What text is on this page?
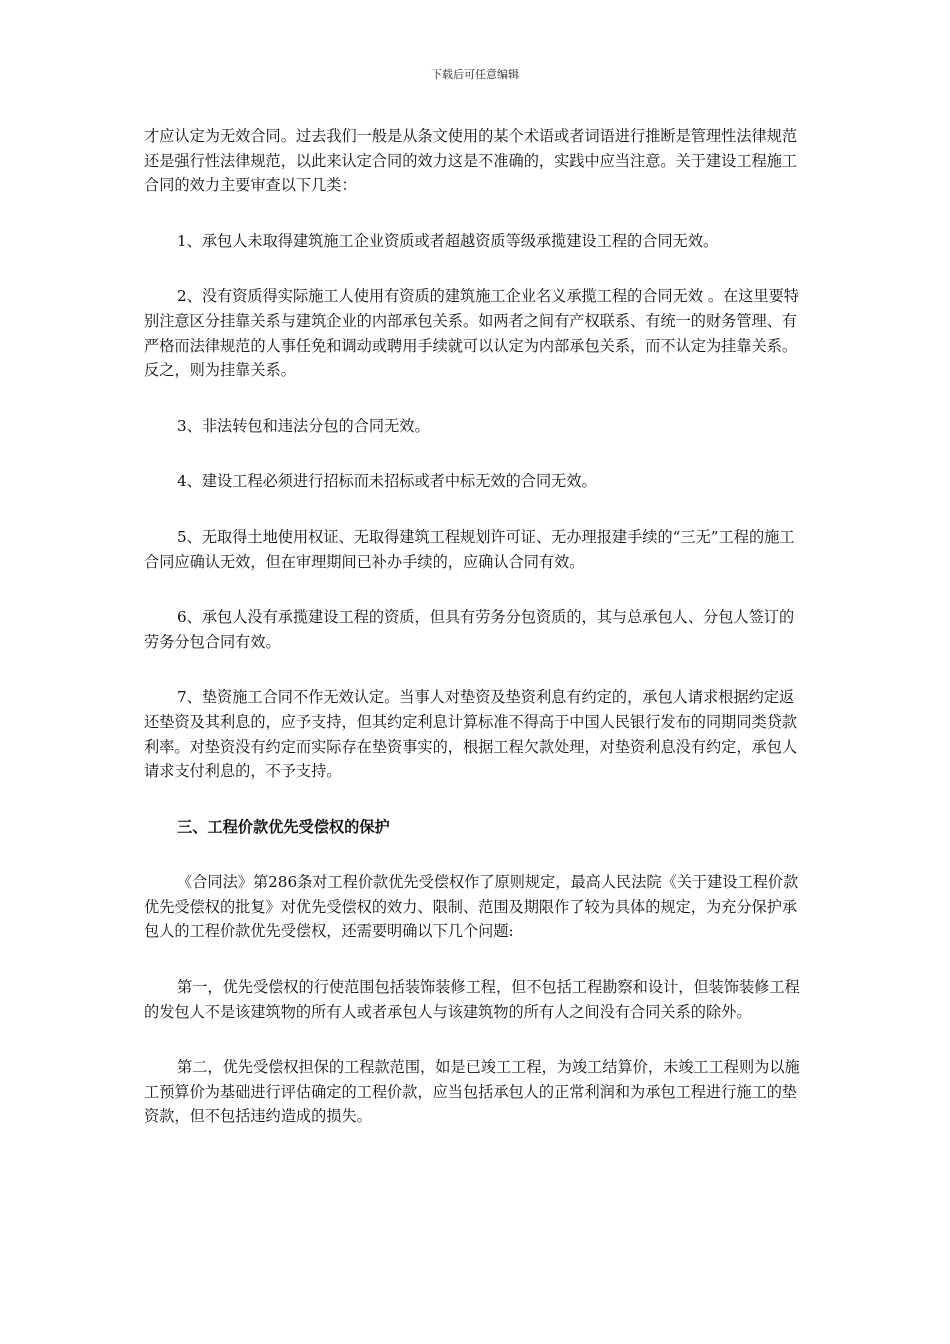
下载后可任意编辑

才应认定为无效合同。过去我们一般是从条文使用的某个术语或者词语进行推断是管理性法律规范还是强行性法律规范，以此来认定合同的效力这是不准确的，实践中应当注意。关于建设工程施工合同的效力主要审查以下几类：

1、承包人未取得建筑施工企业资质或者超越资质等级承揽建设工程的合同无效。

2、没有资质得实际施工人使用有资质的建筑施工企业名义承揽工程的合同无效 。在这里要特别注意区分挂靠关系与建筑企业的内部承包关系。如两者之间有产权联系、有统一的财务管理、有严格而法律规范的人事任免和调动或聘用手续就可以认定为内部承包关系，而不认定为挂靠关系。反之，则为挂靠关系。

3、非法转包和违法分包的合同无效。

4、建设工程必须进行招标而未招标或者中标无效的合同无效。

5、无取得土地使用权证、无取得建筑工程规划许可证、无办理报建手续的“三无”工程的施工合同应确认无效，但在审理期间已补办手续的，应确认合同有效。

6、承包人没有承揽建设工程的资质，但具有劳务分包资质的，其与总承包人、分包人签订的劳务分包合同有效。

7、垫资施工合同不作无效认定。当事人对垫资及垫资利息有约定的，承包人请求根据约定返还垫资及其利息的，应予支持，但其约定利息计算标准不得高于中国人民银行发布的同期同类贷款利率。对垫资没有约定而实际存在垫资事实的，根据工程欠款处理，对垫资利息没有约定，承包人请求支付利息的，不予支持。

三、工程价款优先受偿权的保护

《合同法》第286条对工程价款优先受偿权作了原则规定，最高人民法院《关于建设工程价款优先受偿权的批复》对优先受偿权的效力、限制、范围及期限作了较为具体的规定，为充分保护承包人的工程价款优先受偿权，还需要明确以下几个问题:

第一，优先受偿权的行使范围包括装饰装修工程，但不包括工程勘察和设计，但装饰装修工程的发包人不是该建筑物的所有人或者承包人与该建筑物的所有人之间没有合同关系的除外。

第二，优先受偿权担保的工程款范围，如是已竣工工程，为竣工结算价，未竣工工程则为以施工预算价为基础进行评估确定的工程价款，应当包括承包人的正常利润和为承包工程进行施工的垫资款，但不包括违约造成的损失。
